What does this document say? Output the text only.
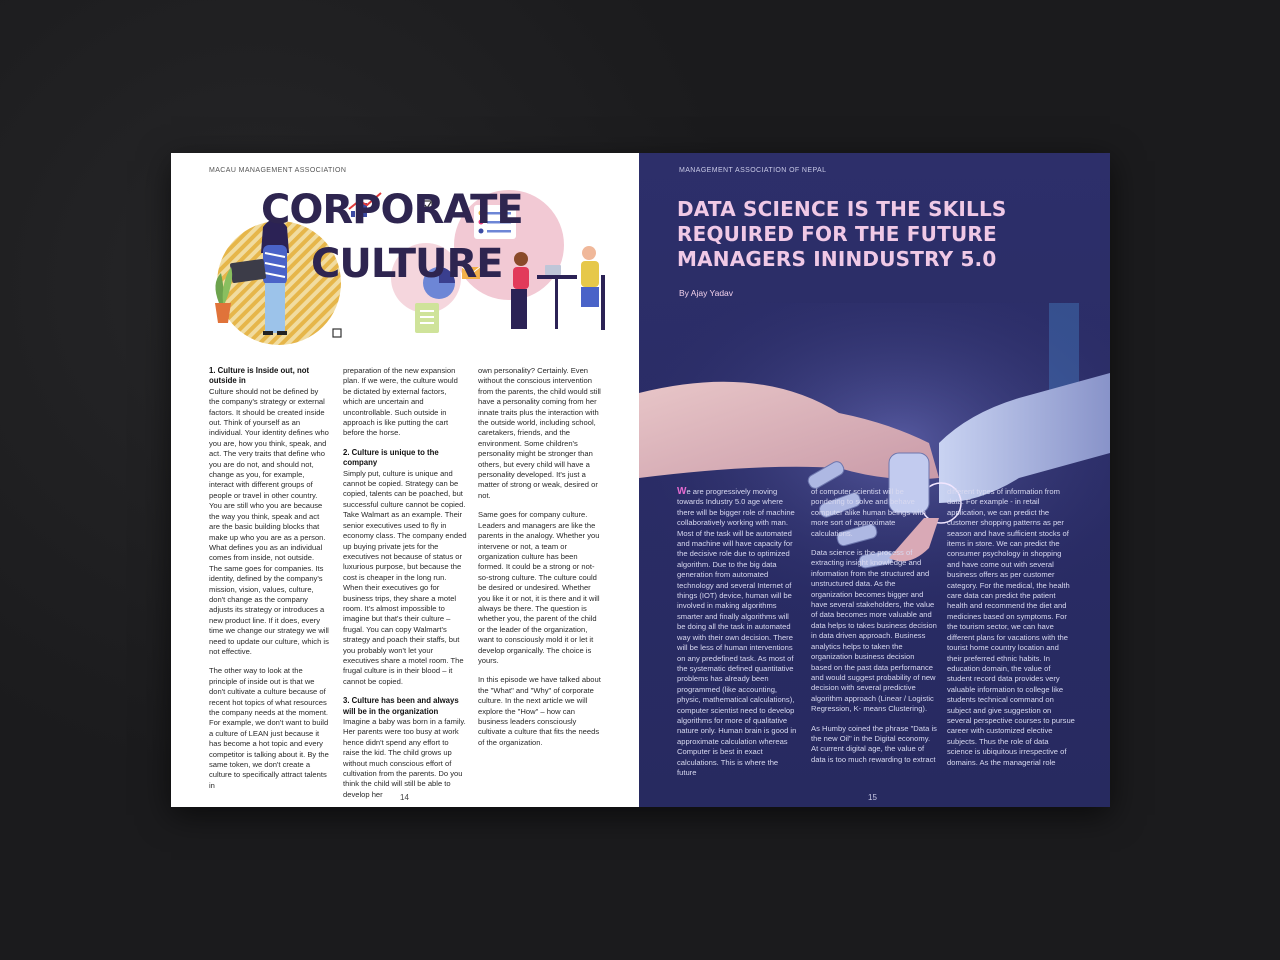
MACAU MANAGEMENT ASSOCIATION
CORPORATE
CULTURE
1. Culture is Inside out, not outside in

Culture should not be defined by the company's strategy or external factors. It should be created inside out. Think of yourself as an individual. Your identity defines who you are, how you think, speak, and act. The very traits that define who you are do not, and should not, change as you, for example, interact with different groups of people or travel in other country. You are still who you are because the way you think, speak and act are the basic building blocks that make up who you are as a person. What defines you as an individual comes from inside, not outside. The same goes for companies. Its identity, defined by the company's mission, vision, values, culture, don't change as the company adjusts its strategy or introduces a new product line. If it does, every time we change our strategy we will need to update our culture, which is not effective.

The other way to look at the principle of inside out is that we don't cultivate a culture because of recent hot topics of what resources the company needs at the moment. For example, we don't want to build a culture of LEAN just because it has become a hot topic and every competitor is talking about it. By the same token, we don't create a culture to specifically attract talents in

preparation of the new expansion plan. If we were, the culture would be dictated by external factors, which are uncertain and uncontrollable. Such outside in approach is like putting the cart before the horse.

2. Culture is unique to the company

Simply put, culture is unique and cannot be copied. Strategy can be copied, talents can be poached, but successful culture cannot be copied. Take Walmart as an example. Their senior executives used to fly in economy class. The company ended up buying private jets for the executives not because of status or luxurious purpose, but because the cost is cheaper in the long run. When their executives go for business trips, they share a motel room. It's almost impossible to imagine but that's their culture – frugal. You can copy Walmart's strategy and poach their staffs, but you probably won't let your executives share a motel room. The frugal culture is in their blood – it cannot be copied.

3. Culture has been and always will be in the organization

Imagine a baby was born in a family. Her parents were too busy at work hence didn't spend any effort to raise the kid. The child grows up without much conscious effort of cultivation from the parents. Do you think the child will still be able to develop her

own personality? Certainly. Even without the conscious intervention from the parents, the child would still have a personality coming from her innate traits plus the interaction with the outside world, including school, caretakers, friends, and the environment. Some children's personality might be stronger than others, but every child will have a personality developed. It's just a matter of strong or weak, desired or not.

Same goes for company culture. Leaders and managers are like the parents in the analogy. Whether you intervene or not, a team or organization culture has been formed. It could be a strong or not-so-strong culture. The culture could be desired or undesired. Whether you like it or not, it is there and it will always be there. The question is whether you, the parent of the child or the leader of the organization, want to consciously mold it or let it develop organically. The choice is yours.

In this episode we have talked about the "What" and "Why" of corporate culture. In the next article we will explore the "How" – how can business leaders consciously cultivate a culture that fits the needs of the organization.

14
MANAGEMENT ASSOCIATION OF NEPAL
DATA SCIENCE IS THE SKILLS REQUIRED FOR THE FUTURE MANAGERS ININDUSTRY 5.0
By Ajay Yadav

We are progressively moving towards Industry 5.0 age where there will be bigger role of machine collaboratively working with man. Most of the task will be automated and machine will have capacity for the decisive role due to optimized algorithm. Due to the big data generation from automated technology and several Internet of things (IOT) device, human will be involved in making algorithms smarter and finally algorithms will be doing all the task in automated way with their own decision. There will be less of human interventions on any predefined task. As most of the systematic defined quantitative problems has already been programmed (like accounting, physic, mathematical calculations), computer scientist need to develop algorithms for more of qualitative nature only. Human brain is good in approximate calculation whereas Computer is best in exact calculations. This is where the future

of computer scientist will be pondering to solve and behave computer alike human beings with more sort of approximate calculations.

Data science is the process of extracting insight knowledge and information from the structured and unstructured data. As the organization becomes bigger and have several stakeholders, the value of data becomes more valuable and data helps to takes business decision in data driven approach. Business analytics helps to taken the organization business decision based on the past data performance and would suggest probability of new decision with several predictive algorithm approach (Linear / Logistic Regression, K- means Clustering).

As Humby coined the phrase "Data is the new Oil" in the Digital economy. At current digital age, the value of data is too much rewarding to extract

different types of information from data. For example - in retail application, we can predict the customer shopping patterns as per season and have sufficient stocks of items in store. We can predict the consumer psychology in shopping and have come out with several business offers as per customer category. For the medical, the health care data can predict the patient health and recommend the diet and medicines based on symptoms. For the tourism sector, we can have different plans for vacations with the tourist home country location and their preferred ethnic habits. In education domain, the value of student record data provides very valuable information to college like students technical command on subject and give suggestion on several perspective courses to pursue career with customized elective subjects. Thus the role of data science is ubiquitous irrespective of domains. As the managerial role

15
